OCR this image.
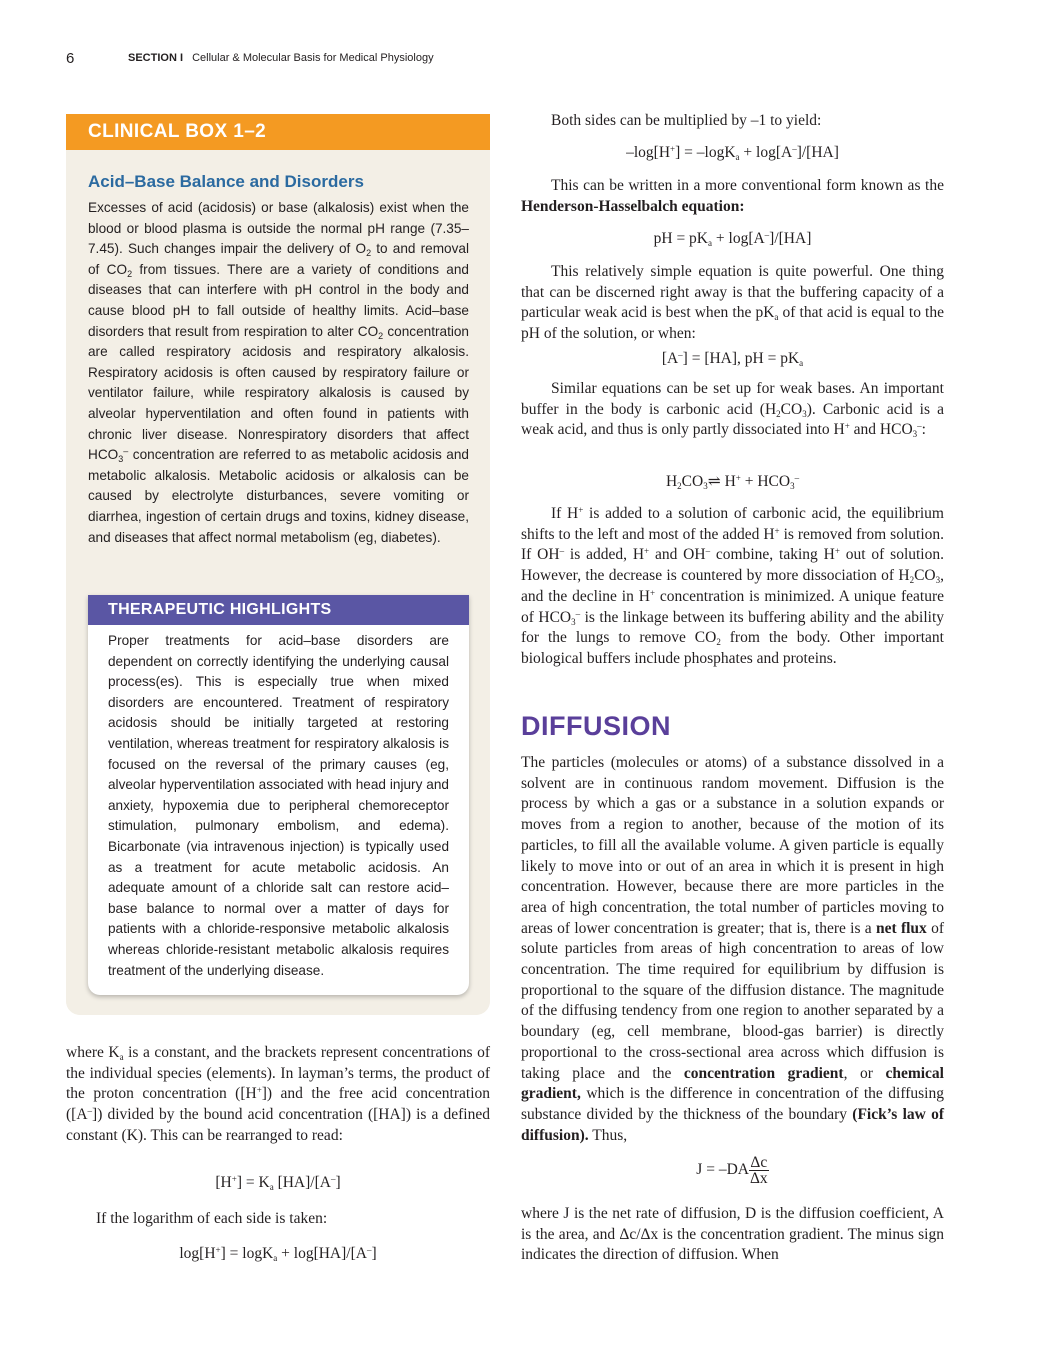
6	SECTION I Cellular & Molecular Basis for Medical Physiology
CLINICAL BOX 1–2
Acid–Base Balance and Disorders
Excesses of acid (acidosis) or base (alkalosis) exist when the blood or blood plasma is outside the normal pH range (7.35–7.45). Such changes impair the delivery of $O_2$ to and removal of $CO_2$ from tissues. There are a variety of conditions and diseases that can interfere with pH control in the body and cause blood pH to fall outside of healthy limits. Acid–base disorders that result from respiration to alter $CO_2$ concentration are called respiratory acidosis and respiratory alkalosis. Respiratory acidosis is often caused by respiratory failure or ventilator failure, while respiratory alkalosis is caused by alveolar hyperventilation and often found in patients with chronic liver disease. Nonrespiratory disorders that affect $HCO_3^-$ concentration are referred to as metabolic acidosis and metabolic alkalosis. Metabolic acidosis or alkalosis can be caused by electrolyte disturbances, severe vomiting or diarrhea, ingestion of certain drugs and toxins, kidney disease, and diseases that affect normal metabolism (eg, diabetes).
THERAPEUTIC HIGHLIGHTS
Proper treatments for acid–base disorders are dependent on correctly identifying the underlying causal process(es). This is especially true when mixed disorders are encountered. Treatment of respiratory acidosis should be initially targeted at restoring ventilation, whereas treatment for respiratory alkalosis is focused on the reversal of the primary causes (eg, alveolar hyperventilation associated with head injury and anxiety, hypoxemia due to peripheral chemoreceptor stimulation, pulmonary embolism, and edema). Bicarbonate (via intravenous injection) is typically used as a treatment for acute metabolic acidosis. An adequate amount of a chloride salt can restore acid–base balance to normal over a matter of days for patients with a chloride-responsive metabolic alkalosis whereas chloride-resistant metabolic alkalosis requires treatment of the underlying disease.
where $K_a$ is a constant, and the brackets represent concentrations of the individual species (elements). In layman’s terms, the product of the proton concentration ([H+]) and the free acid concentration ([A–]) divided by the bound acid concentration ([HA]) is a defined constant (K). This can be rearranged to read:
$[H^+] = K_a$ [HA]/[A–]
If the logarithm of each side is taken:
log[H+] = logK$_a$ + log[HA]/[A–]
Both sides can be multiplied by –1 to yield:
–log[H+] = –logK$_a$ + log[A–]/[HA]
This can be written in a more conventional form known as the Henderson-Hasselbalch equation:
pH = $pK_a + \log[A^-]/[HA]$
This relatively simple equation is quite powerful. One thing that can be discerned right away is that the buffering capacity of a particular weak acid is best when the $pK_a$ of that acid is equal to the pH of the solution, or when:
[A–] = [HA], pH = $pK_a$
Similar equations can be set up for weak bases. An important buffer in the body is carbonic acid $(H_2CO_3)$. Carbonic acid is a weak acid, and thus is only partly dissociated into H+ and $HCO_3^-$:
$H_2CO_3\rightleftharpoons$ $H^+ + HCO_3^-$
If H+ is added to a solution of carbonic acid, the equilibrium shifts to the left and most of the added H+ is removed from solution. If OH– is added, H+ and OH– combine, taking H+ out of solution. However, the decrease is countered by more dissociation of $H_2CO_3$, and the decline in H+ concentration is minimized. A unique feature of $HCO_3^-$ is the linkage between its buffering ability and the ability for the lungs to remove $CO_2$ from the body. Other important biological buffers include phosphates and proteins.
DIFFUSION
The particles (molecules or atoms) of a substance dissolved in a solvent are in continuous random movement. Diffusion is the process by which a gas or a substance in a solution expands or moves from a region to another, because of the motion of its particles, to fill all the available volume. A given particle is equally likely to move into or out of an area in which it is present in high concentration. However, because there are more particles in the area of high concentration, the total number of particles moving to areas of lower concentration is greater; that is, there is a net flux of solute particles from areas of high concentration to areas of low concentration. The time required for equilibrium by diffusion is proportional to the square of the diffusion distance. The magnitude of the diffusing tendency from one region to another separated by a boundary (eg, cell membrane, blood-gas barrier) is directly proportional to the cross-sectional area across which diffusion is taking place and the concentration gradient, or chemical gradient, which is the difference in concentration of the diffusing substance divided by the thickness of the boundary (Fick’s law of diffusion). Thus,
$J = -DA \frac{\Delta c}{\Delta x}$
where J is the net rate of diffusion, D is the diffusion coefficient, A is the area, and Δc/Δx is the concentration gradient. The minus sign indicates the direction of diffusion. When
